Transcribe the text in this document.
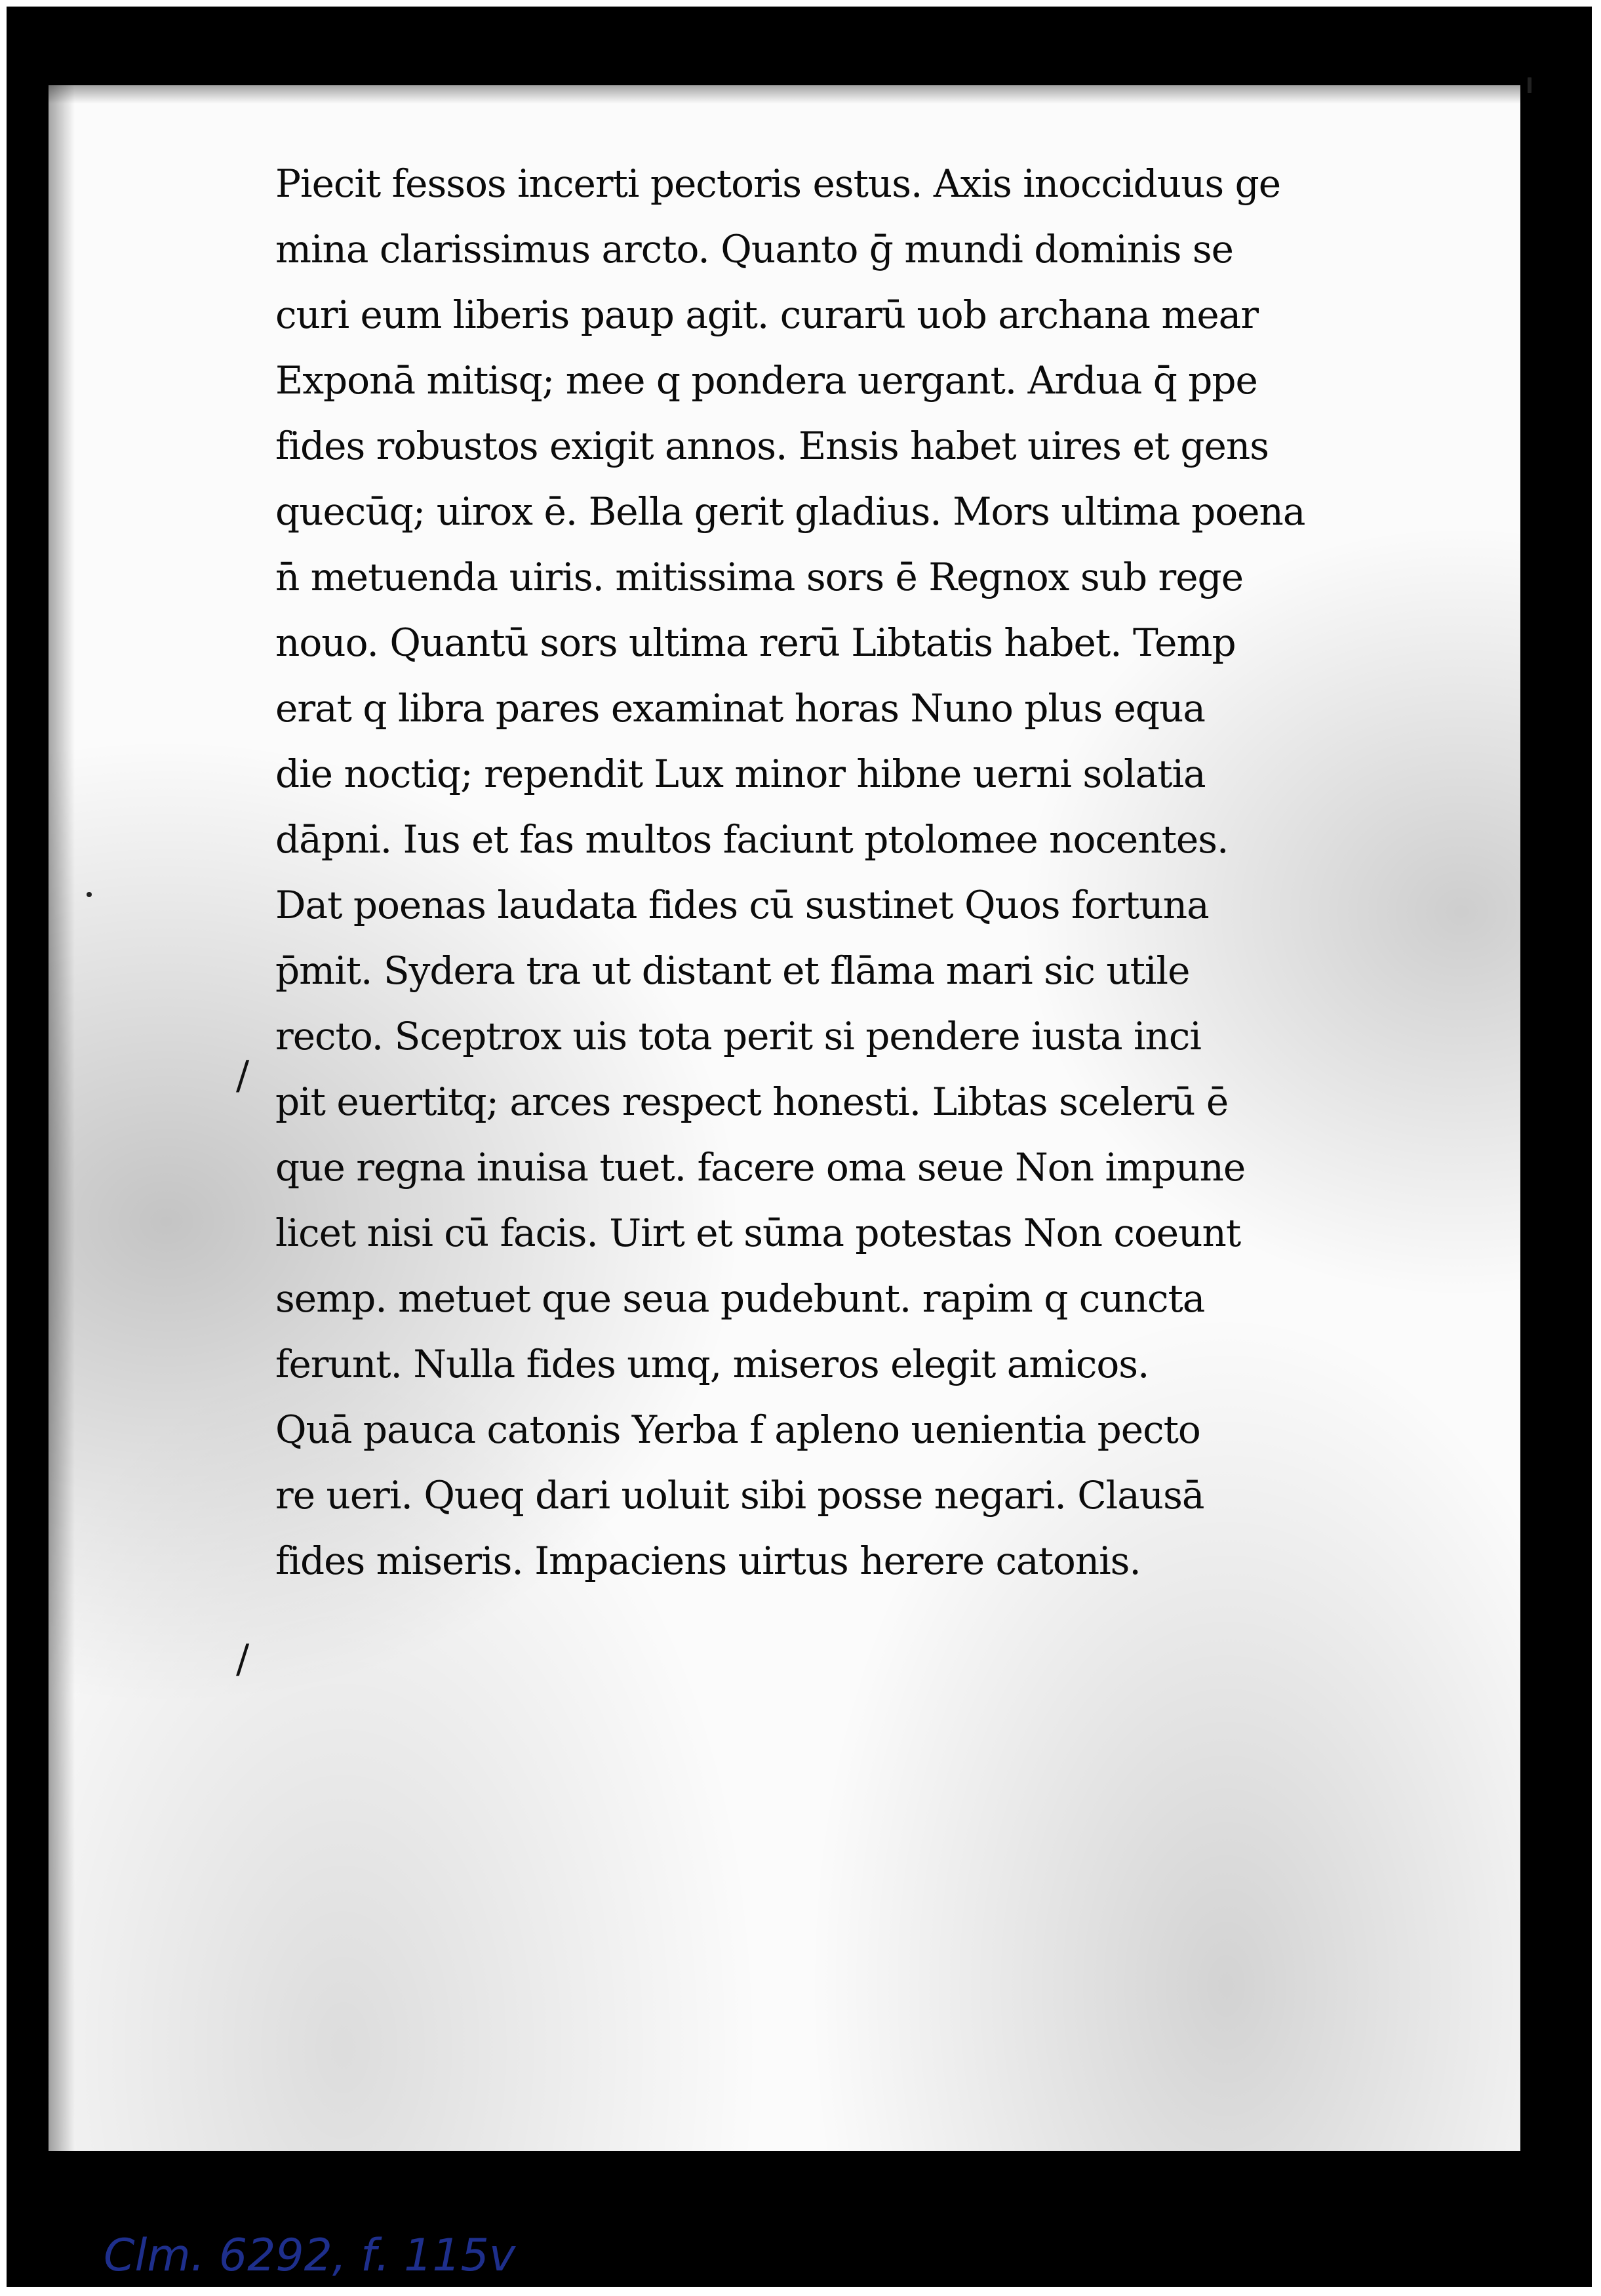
/
/
Piecit fessos incerti pectoris estus. Axis inocciduus ge
mina clarissimus arcto. Quanto ḡ mundi dominis se
curi eum liberis paup agit. curarū uob archana mear
Exponā mitisq; mee q pondera uergant. Ardua q̄ ppe
fides robustos exigit annos. Ensis habet uires et gens
quecūq; uirox ē. Bella gerit gladius. Mors ultima poena
n̄ metuenda uiris. mitissima sors ē Regnox sub rege
nouo. Quantū sors ultima rerū Libtatis habet. Temp
erat q libra pares examinat horas Nuno plus equa
die noctiq; rependit Lux minor hibne uerni solatia
dāpni. Ius et fas multos faciunt ptolomee nocentes.
Dat poenas laudata fides cū sustinet Quos fortuna
p̄mit. Sydera tra ut distant et flāma mari sic utile
recto. Sceptrox uis tota perit si pendere iusta inci
pit euertitq; arces respect honesti. Libtas scelerū ē
que regna inuisa tuet. facere oma seue Non impune
licet nisi cū facis. Uirt et sūma potestas Non coeunt
semp. metuet que seua pudebunt. rapim q cuncta
ferunt. Nulla fides umq, miseros elegit amicos.
Quā pauca catonis Yerba f apleno uenientia pecto
re ueri. Queq dari uoluit sibi posse negari. Clausā
fides miseris. Impaciens uirtus herere catonis.
Clm. 6292, f. 115v
